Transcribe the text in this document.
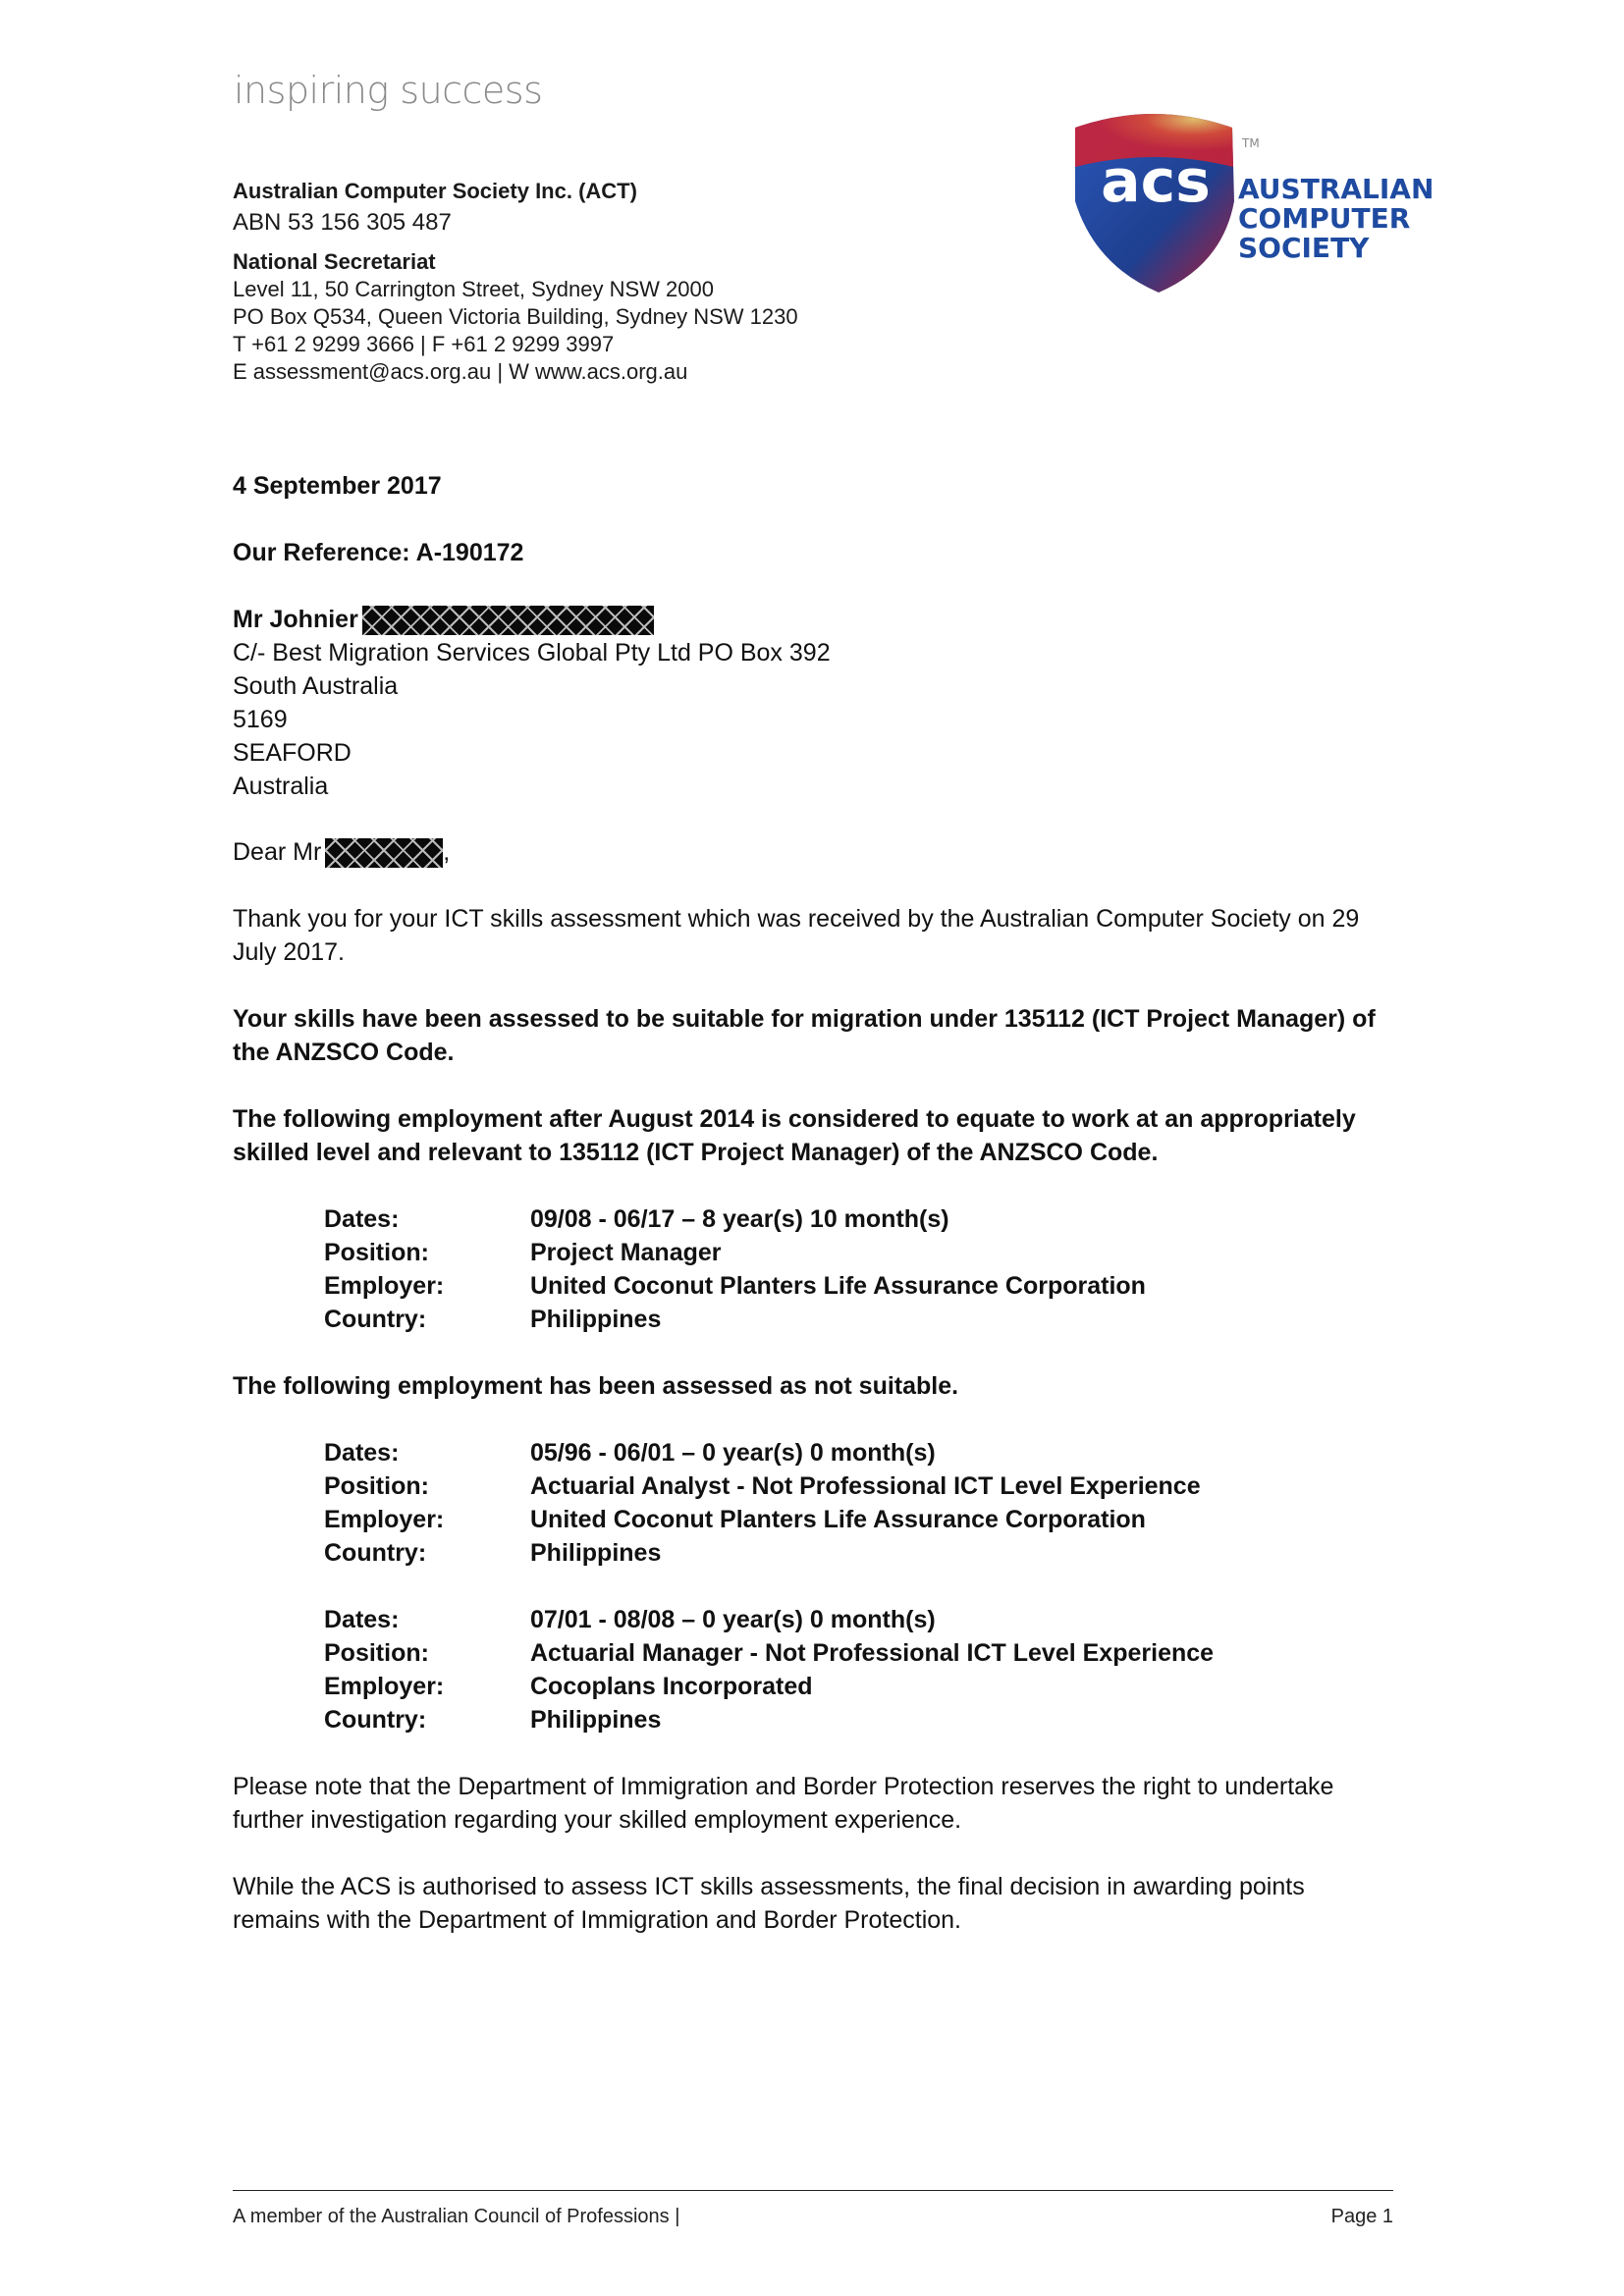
inspiring success
Australian Computer Society Inc. (ACT)
ABN 53 156 305 487
National Secretariat
Level 11, 50 Carrington Street, Sydney NSW 2000
PO Box Q534, Queen Victoria Building, Sydney NSW 1230
T +61 2 9299 3666 | F +61 2 9299 3997
E assessment@acs.org.au | W www.acs.org.au
acs
TM
AUSTRALIAN
COMPUTER
SOCIETY
4 September 2017
Our Reference: A-190172
Mr Johnier
C/- Best Migration Services Global Pty Ltd PO Box 392
South Australia
5169
SEAFORD
Australia
Dear Mr	,
Thank you for your ICT skills assessment which was received by the Australian Computer Society on 29 July 2017.
Your skills have been assessed to be suitable for migration under 135112 (ICT Project Manager) of the ANZSCO Code.
The following employment after August 2014 is considered to equate to work at an appropriately skilled level and relevant to 135112 (ICT Project Manager) of the ANZSCO Code.
Dates:	09/08 - 06/17 – 8 year(s) 10 month(s)
Position:	Project Manager
Employer:	United Coconut Planters Life Assurance Corporation
Country:	Philippines
The following employment has been assessed as not suitable.
Dates:	05/96 - 06/01 – 0 year(s) 0 month(s)
Position:	Actuarial Analyst - Not Professional ICT Level Experience
Employer:	United Coconut Planters Life Assurance Corporation
Country:	Philippines
Dates:	07/01 - 08/08 – 0 year(s) 0 month(s)
Position:	Actuarial Manager - Not Professional ICT Level Experience
Employer:	Cocoplans Incorporated
Country:	Philippines
Please note that the Department of Immigration and Border Protection reserves the right to undertake further investigation regarding your skilled employment experience.
While the ACS is authorised to assess ICT skills assessments, the final decision in awarding points remains with the Department of Immigration and Border Protection.
A member of the Australian Council of Professions |	Page 1
